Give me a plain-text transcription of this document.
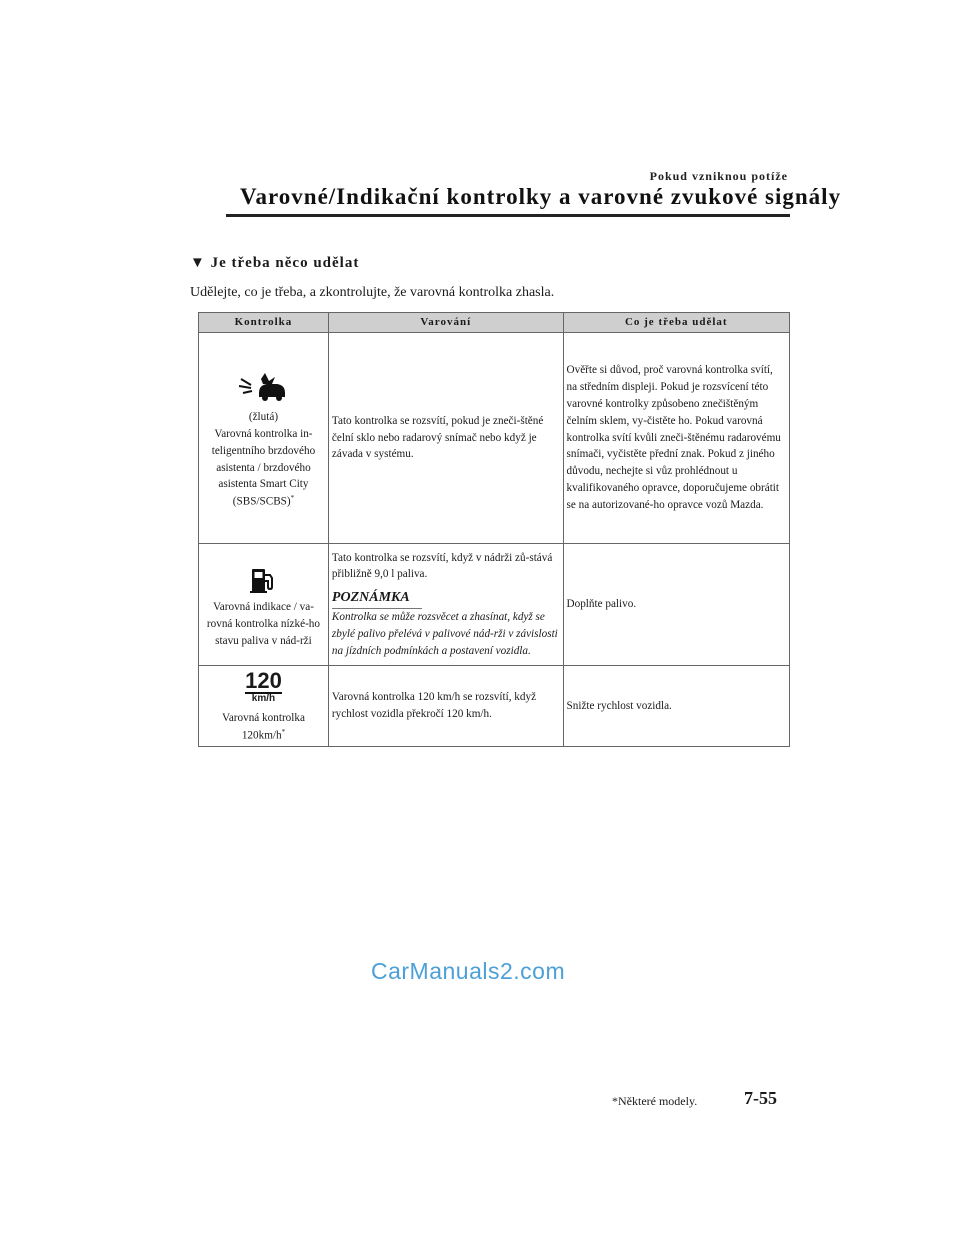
Pokud vzniknou potíže
Varovné/Indikační kontrolky a varovné zvukové signály
▼ Je třeba něco udělat
Udělejte, co je třeba, a zkontrolujte, že varovná kontrolka zhasla.
Kontrolka	Varování	Co je třeba udělat

(žlutá)
Varovná kontrolka in-teligentního brzdového asistenta / brzdového asistenta Smart City (SBS/SCBS)*	Tato kontrolka se rozsvítí, pokud je zneči-štěné čelní sklo nebo radarový snímač nebo když je závada v systému.	Ověřte si důvod, proč varovná kontrolka svítí, na středním displeji. Pokud je rozsvícení této varovné kontrolky způsobeno znečištěným čelním sklem, vy-čistěte ho. Pokud varovná kontrolka svítí kvůli zneči-štěnému radarovému snímači, vyčistěte přední znak. Pokud z jiného důvodu, nechejte si vůz prohlédnout u kvalifikovaného opravce, doporučujeme obrátit se na autorizované-ho opravce vozů Mazda.

Varovná indikace / va-rovná kontrolka nízké-ho stavu paliva v nád-rži	Tato kontrolka se rozsvítí, když v nádrži zů-stává přibližně 9,0 l paliva.
POZNÁMKA
Kontrolka se může rozsvěcet a zhasínat, když se zbylé palivo přelévá v palivové nád-rži v závislosti na jízdních podmínkách a postavení vozidla.	Doplňte palivo.

120
km/h
Varovná kontrolka 120km/h*	Varovná kontrolka 120 km/h se rozsvítí, když rychlost vozidla překročí 120 km/h.	Snižte rychlost vozidla.
CarManuals2.com
*Některé modely.	7-55
